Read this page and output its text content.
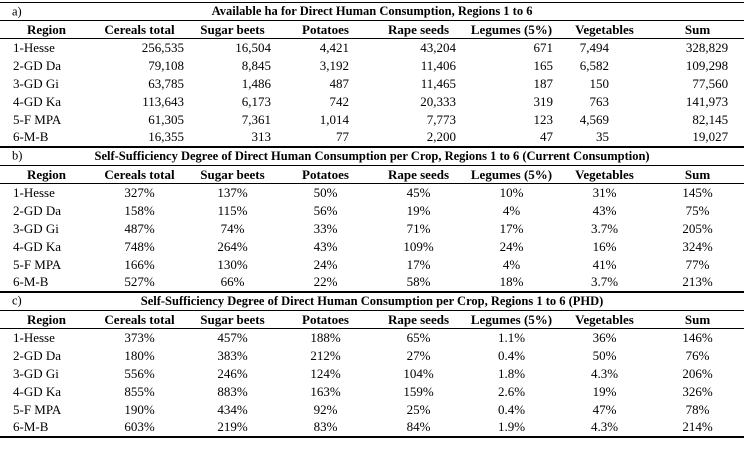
a) Available ha for Direct Human Consumption, Regions 1 to 6							
Region	Cereals total	Sugar beets	Potatoes	Rape seeds	Legumes (5%)	Vegetables	Sum
1-Hesse	256,535	16,504	4,421	43,204	671	7,494	328,829
2-GD Da	79,108	8,845	3,192	11,406	165	6,582	109,298
3-GD Gi	63,785	1,486	487	11,465	187	150	77,560
4-GD Ka	113,643	6,173	742	20,333	319	763	141,973
5-F MPA	61,305	7,361	1,014	7,773	123	4,569	82,145
6-M-B	16,355	313	77	2,200	47	35	19,027
b) Self-Sufficiency Degree of Direct Human Consumption per Crop, Regions 1 to 6 (Current Consumption)							
Region	Cereals total	Sugar beets	Potatoes	Rape seeds	Legumes (5%)	Vegetables	Sum
1-Hesse	327%	137%	50%	45%	10%	31%	145%
2-GD Da	158%	115%	56%	19%	4%	43%	75%
3-GD Gi	487%	74%	33%	71%	17%	3.7%	205%
4-GD Ka	748%	264%	43%	109%	24%	16%	324%
5-F MPA	166%	130%	24%	17%	4%	41%	77%
6-M-B	527%	66%	22%	58%	18%	3.7%	213%
c) Self-Sufficiency Degree of Direct Human Consumption per Crop, Regions 1 to 6 (PHD)							
Region	Cereals total	Sugar beets	Potatoes	Rape seeds	Legumes (5%)	Vegetables	Sum
1-Hesse	373%	457%	188%	65%	1.1%	36%	146%
2-GD Da	180%	383%	212%	27%	0.4%	50%	76%
3-GD Gi	556%	246%	124%	104%	1.8%	4.3%	206%
4-GD Ka	855%	883%	163%	159%	2.6%	19%	326%
5-F MPA	190%	434%	92%	25%	0.4%	47%	78%
6-M-B	603%	219%	83%	84%	1.9%	4.3%	214%
